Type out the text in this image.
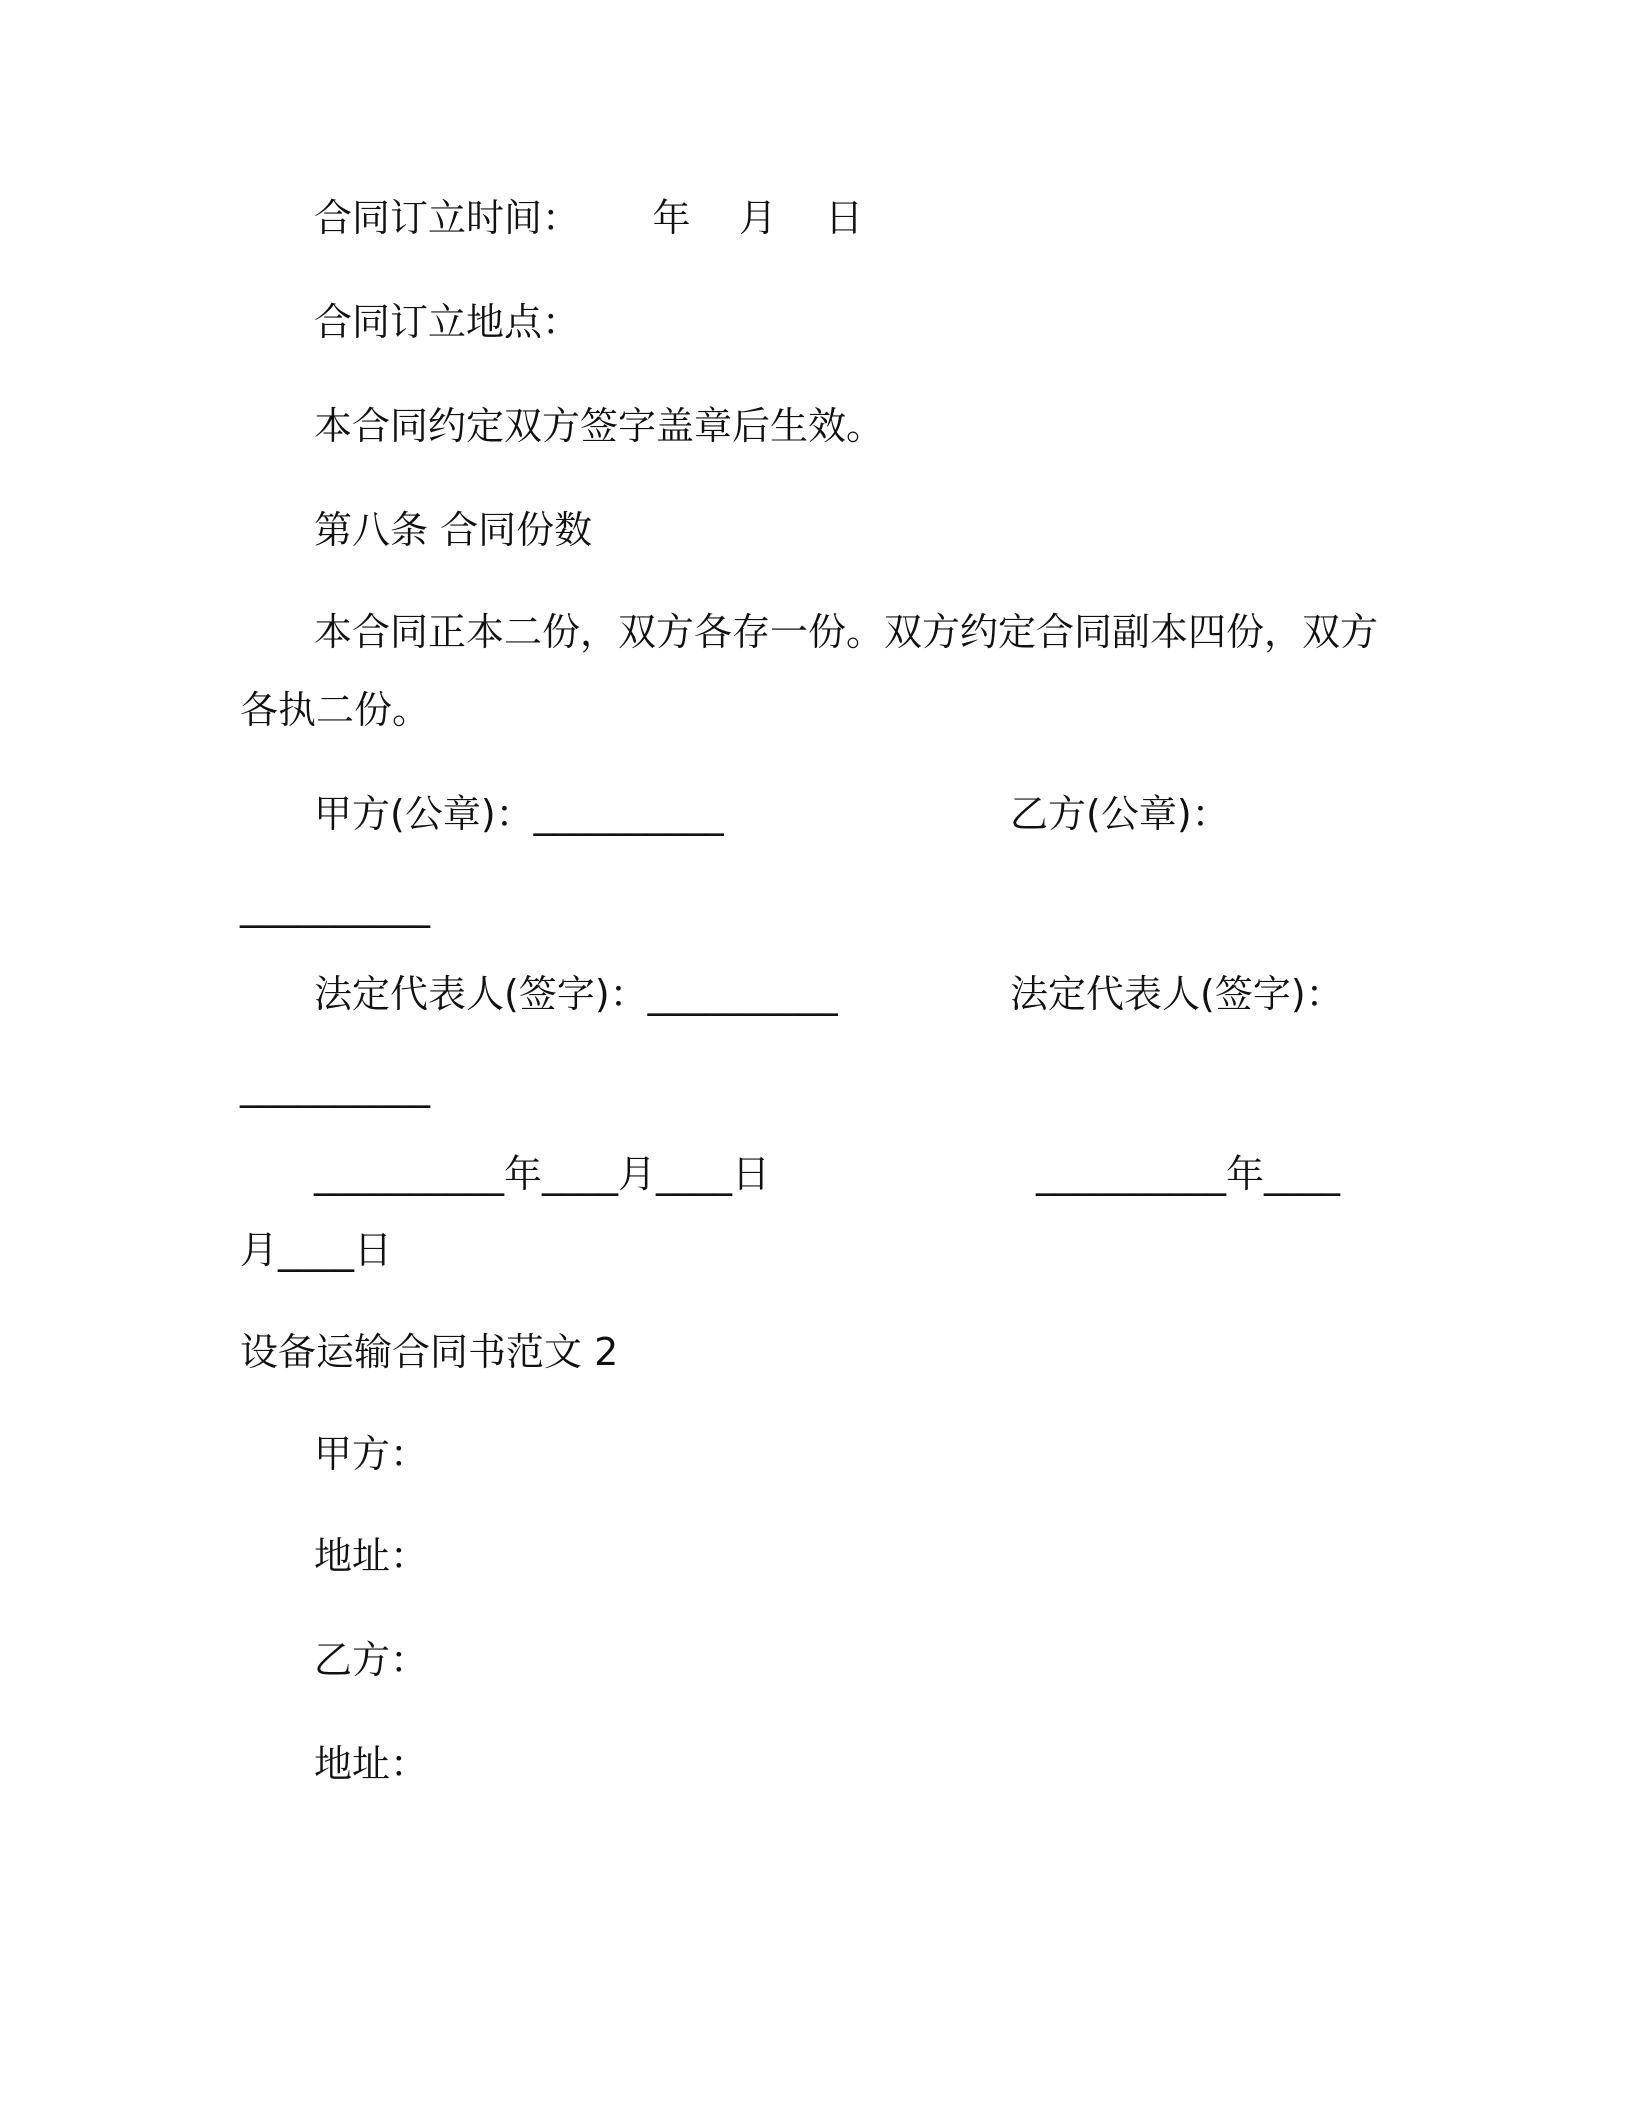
合同订立时间：      年    月    日
合同订立地点：
本合同约定双方签字盖章后生效。
第八条 合同份数
本合同正本二份，双方各存一份。双方约定合同副本四份，双方
各执二份。
甲方(公章)：__________	乙方(公章)：
__________
法定代表人(签字)：__________	法定代表人(签字)：
__________
__________年____月____日	__________年____
月____日
设备运输合同书范文 2
甲方：
地址：
乙方：
地址：
